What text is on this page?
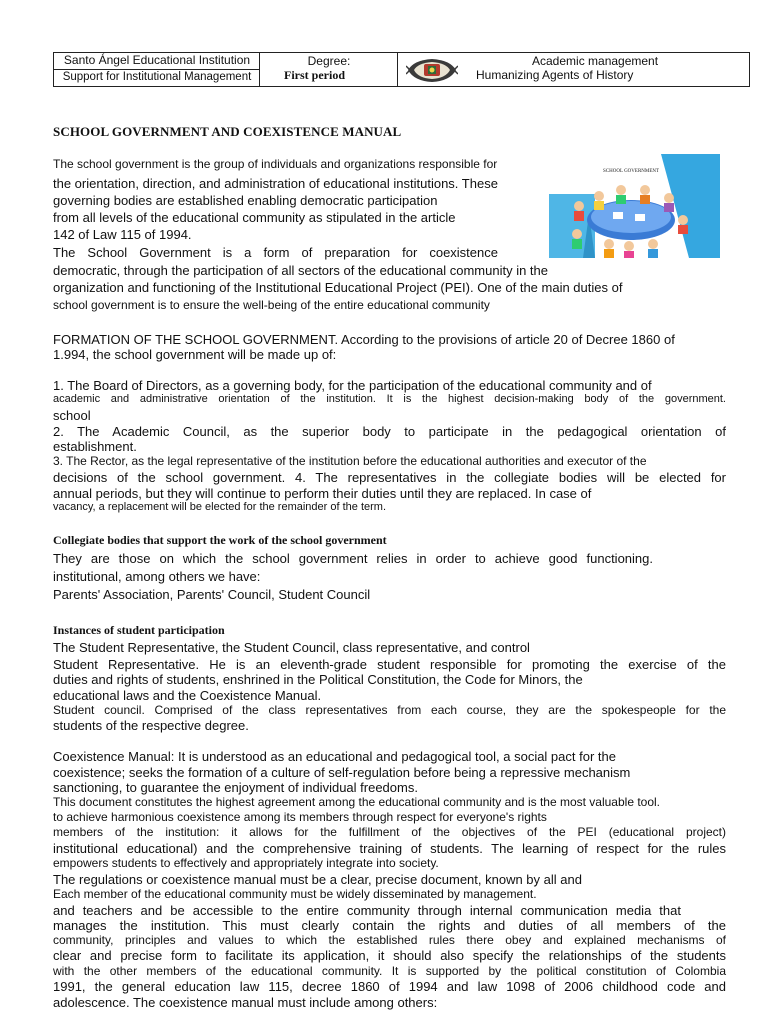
Santo Ángel Educational Institution
Support for Institutional Management
Degree:
First period
Academic management
Humanizing Agents of History
SCHOOL GOVERNMENT AND COEXISTENCE MANUAL
SCHOOL GOVERNMENT
The school government is the group of individuals and organizations responsible for
the orientation, direction, and administration of educational institutions. These
governing bodies are established enabling democratic participation
from all levels of the educational community as stipulated in the article
142 of Law 115 of 1994.
The School Government is a form of preparation for coexistence
democratic, through the participation of all sectors of the educational community in the
organization and functioning of the Institutional Educational Project (PEI). One of the main duties of
school government is to ensure the well-being of the entire educational community
FORMATION OF THE SCHOOL GOVERNMENT. According to the provisions of article 20 of Decree 1860 of
1.994, the school government will be made up of:
1. The Board of Directors, as a governing body, for the participation of the educational community and of
academic and administrative orientation of the institution. It is the highest decision-making body of the government.
school
2. The Academic Council, as the superior body to participate in the pedagogical orientation of
establishment.
3. The Rector, as the legal representative of the institution before the educational authorities and executor of the
decisions of the school government. 4. The representatives in the collegiate bodies will be elected for
annual periods, but they will continue to perform their duties until they are replaced. In case of
vacancy, a replacement will be elected for the remainder of the term.
Collegiate bodies that support the work of the school government
They are those on which the school government relies in order to achieve good functioning.
institutional, among others we have:
Parents' Association, Parents' Council, Student Council
Instances of student participation
The Student Representative, the Student Council, class representative, and control
Student Representative. He is an eleventh-grade student responsible for promoting the exercise of the
duties and rights of students, enshrined in the Political Constitution, the Code for Minors, the
educational laws and the Coexistence Manual.
Student council. Comprised of the class representatives from each course, they are the spokespeople for the
students of the respective degree.
Coexistence Manual: It is understood as an educational and pedagogical tool, a social pact for the
coexistence; seeks the formation of a culture of self-regulation before being a repressive mechanism
sanctioning, to guarantee the enjoyment of individual freedoms.
This document constitutes the highest agreement among the educational community and is the most valuable tool.
to achieve harmonious coexistence among its members through respect for everyone's rights
members of the institution: it allows for the fulfillment of the objectives of the PEI (educational project)
institutional educational) and the comprehensive training of students. The learning of respect for the rules
empowers students to effectively and appropriately integrate into society.
The regulations or coexistence manual must be a clear, precise document, known by all and
Each member of the educational community must be widely disseminated by management.
and teachers and be accessible to the entire community through internal communication media that
manages the institution. This must clearly contain the rights and duties of all members of the
community, principles and values to which the established rules there obey and explained mechanisms of
clear and precise form to facilitate its application, it should also specify the relationships of the students
with the other members of the educational community. It is supported by the political constitution of Colombia
1991, the general education law 115, decree 1860 of 1994 and law 1098 of 2006 childhood code and
adolescence. The coexistence manual must include among others:
